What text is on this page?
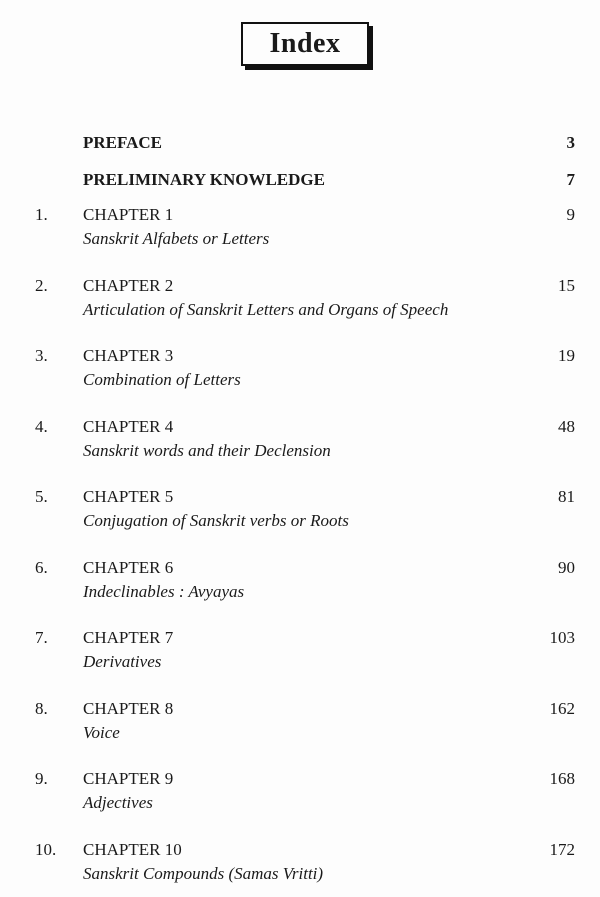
Index
PREFACE	3
PRELIMINARY KNOWLEDGE	7
1. CHAPTER 1	9
Sanskrit Alfabets or Letters
2. CHAPTER 2	15
Articulation of Sanskrit Letters and Organs of Speech
3. CHAPTER 3	19
Combination of Letters
4. CHAPTER 4	48
Sanskrit words and their Declension
5. CHAPTER 5	81
Conjugation of Sanskrit verbs or Roots
6. CHAPTER 6	90
Indeclinables : Avyayas
7. CHAPTER 7	103
Derivatives
8. CHAPTER 8	162
Voice
9. CHAPTER 9	168
Adjectives
10. CHAPTER 10	172
Sanskrit Compounds (Samas Vritti)
